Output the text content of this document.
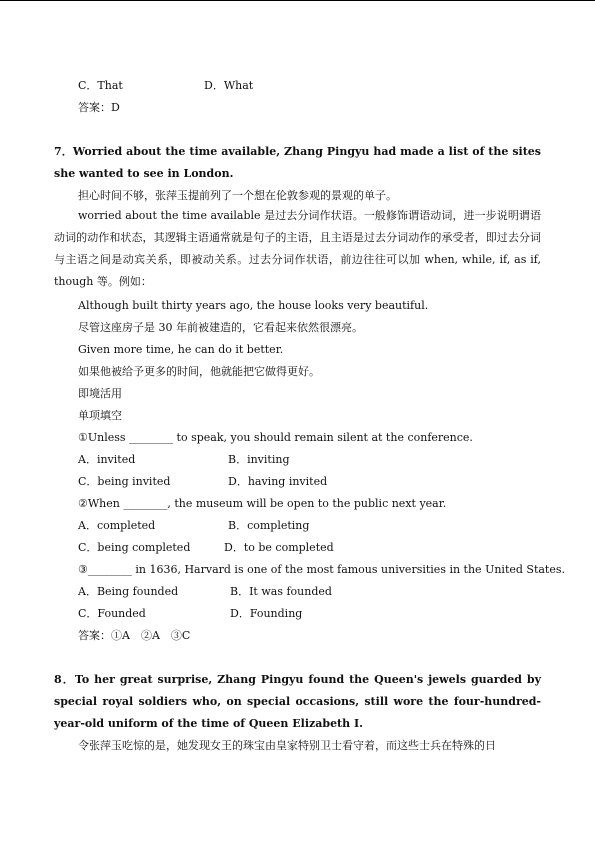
C．That	D．What
答案：D
7．Worried about the time available, Zhang Pingyu had made a list of the sites she wanted to see in London.
担心时间不够，张萍玉提前列了一个想在伦敦参观的景观的单子。
worried about the time available 是过去分词作状语。一般修饰谓语动词，进一步说明谓语动词的动作和状态，其逻辑主语通常就是句子的主语，且主语是过去分词动作的承受者，即过去分词与主语之间是动宾关系，即被动关系。过去分词作状语，前边往往可以加 when, while, if, as if, though 等。例如：
Although built thirty years ago, the house looks very beautiful.
尽管这座房子是 30 年前被建造的，它看起来依然很漂亮。
Given more time, he can do it better.
如果他被给予更多的时间，他就能把它做得更好。
即境活用
单项填空
①Unless ________ to speak, you should remain silent at the conference.
A．invited	B．inviting
C．being invited	D．having invited
②When ________, the museum will be open to the public next year.
A．completed	B．completing
C．being completed	D．to be completed
③________ in 1636, Harvard is one of the most famous universities in the United States.
A．Being founded	B．It was founded
C．Founded	D．Founding
答案：①A　②A　③C
8．To her great surprise, Zhang Pingyu found the Queen's jewels guarded by special royal soldiers who, on special occasions, still wore the four-hundred-year-old uniform of the time of Queen Elizabeth I.
令张萍玉吃惊的是，她发现女王的珠宝由皇家特别卫士看守着，而这些士兵在特殊的日
